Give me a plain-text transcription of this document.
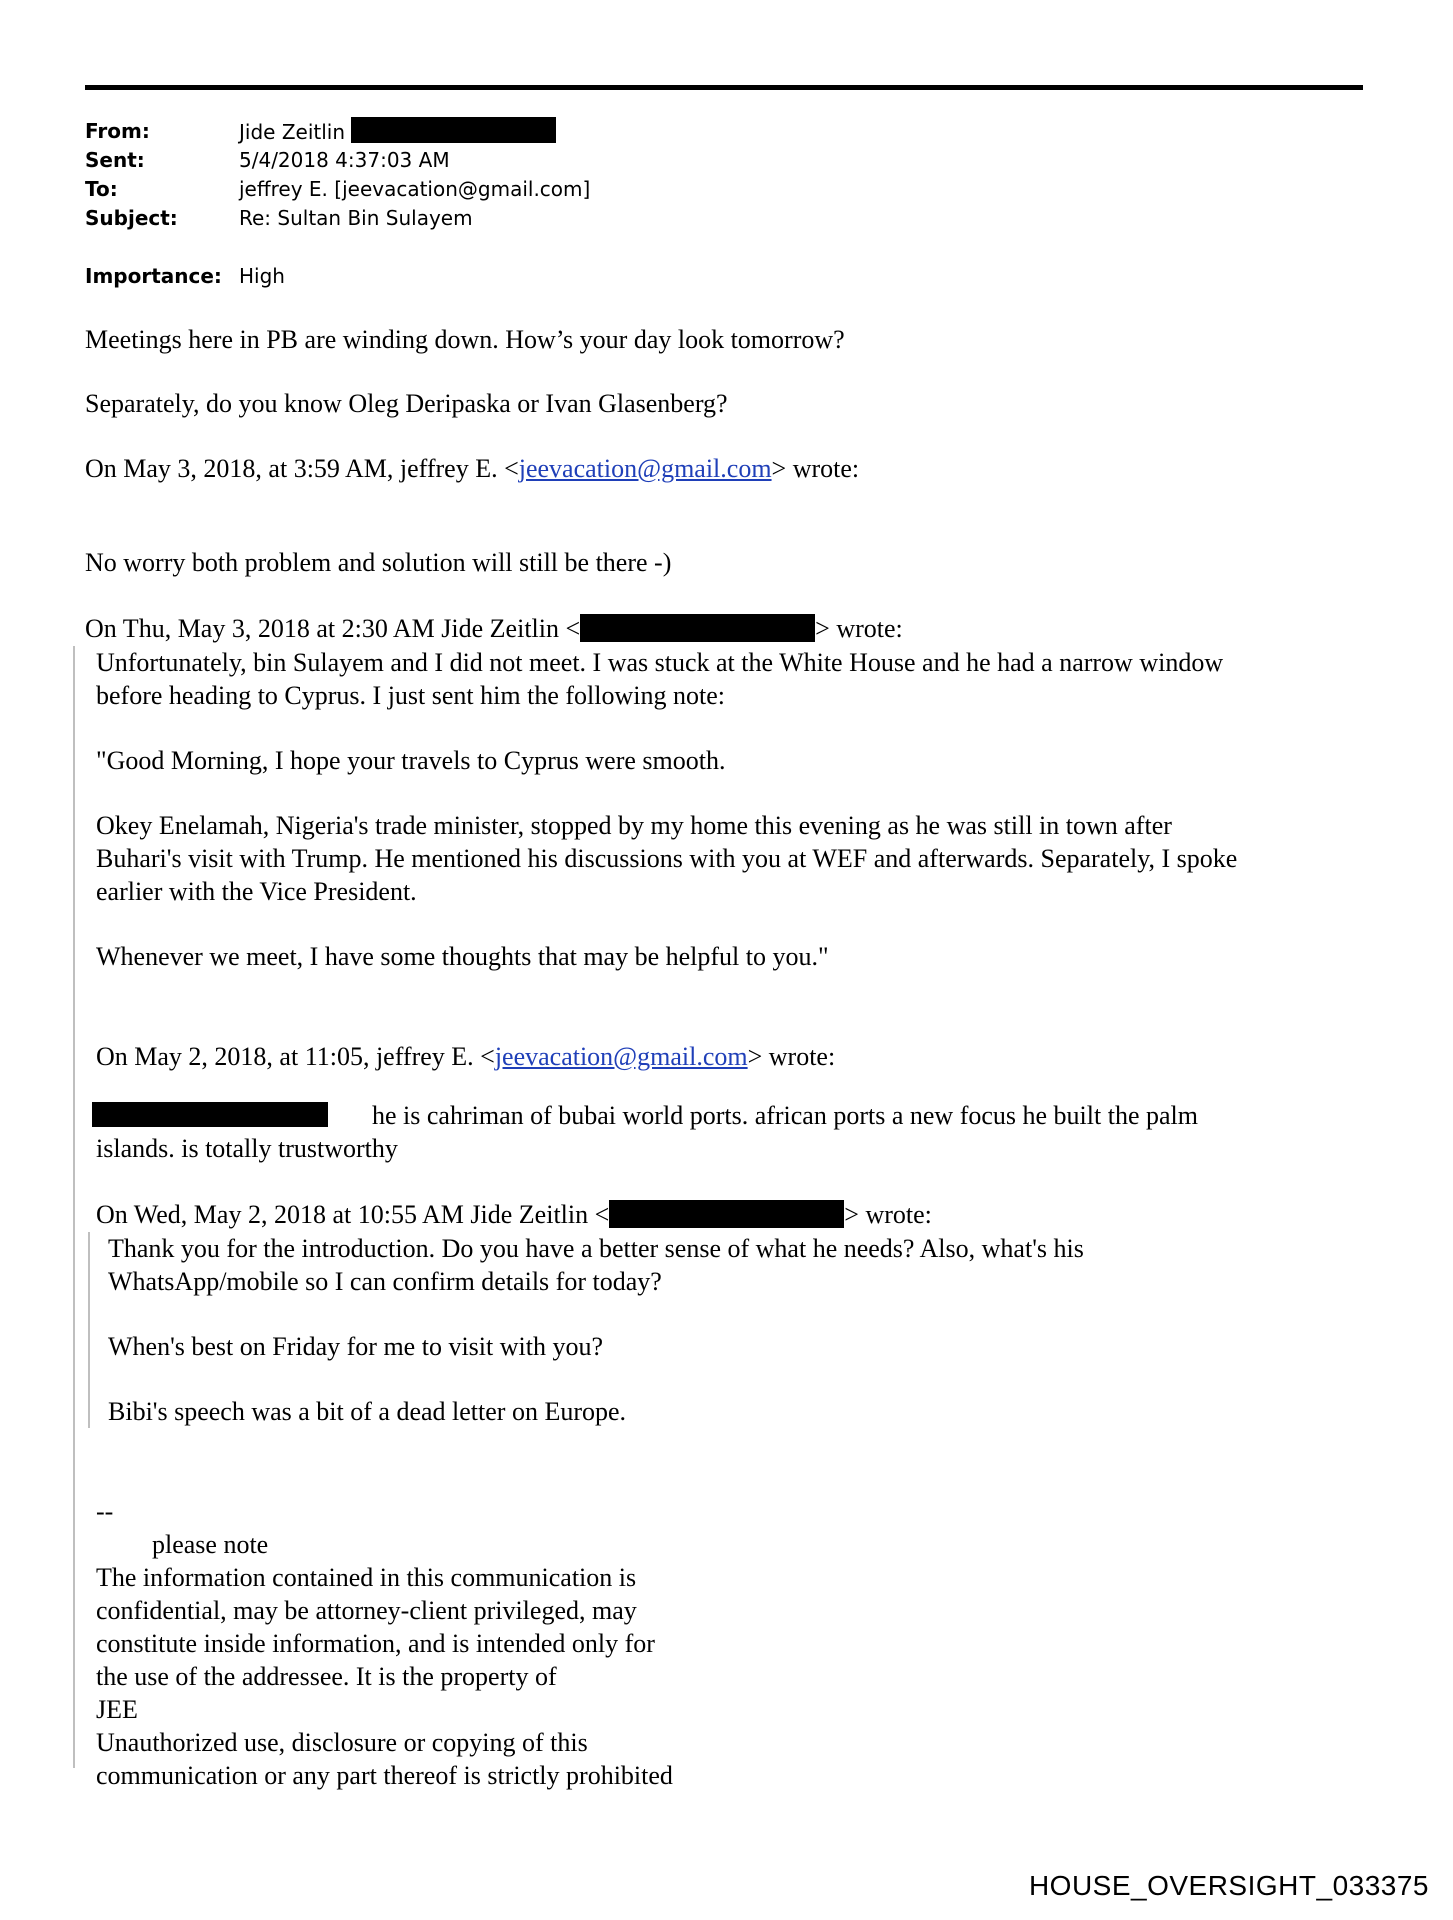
From:	Jide Zeitlin
Sent:	5/4/2018 4:37:03 AM
To:	jeffrey E. [jeevacation@gmail.com]
Subject:	Re: Sultan Bin Sulayem
Importance: High
Meetings here in PB are winding down. How’s your day look tomorrow?
Separately, do you know Oleg Deripaska or Ivan Glasenberg?
On May 3, 2018, at 3:59 AM, jeffrey E. <jeevacation@gmail.com> wrote:
No worry both problem and solution will still be there -)
On Thu, May 3, 2018 at 2:30 AM Jide Zeitlin <	> wrote:
Unfortunately, bin Sulayem and I did not meet. I was stuck at the White House and he had a narrow window
before heading to Cyprus. I just sent him the following note:
"Good Morning, I hope your travels to Cyprus were smooth.
Okey Enelamah, Nigeria's trade minister, stopped by my home this evening as he was still in town after
Buhari's visit with Trump. He mentioned his discussions with you at WEF and afterwards. Separately, I spoke
earlier with the Vice President.
Whenever we meet, I have some thoughts that may be helpful to you."
On May 2, 2018, at 11:05, jeffrey E. <jeevacation@gmail.com> wrote:
he is cahriman of bubai world ports. african ports a new focus he built the palm
islands. is totally trustworthy
On Wed, May 2, 2018 at 10:55 AM Jide Zeitlin <	> wrote:
Thank you for the introduction. Do you have a better sense of what he needs? Also, what's his
WhatsApp/mobile so I can confirm details for today?
When's best on Friday for me to visit with you?
Bibi's speech was a bit of a dead letter on Europe.
--
please note
The information contained in this communication is
confidential, may be attorney-client privileged, may
constitute inside information, and is intended only for
the use of the addressee. It is the property of
JEE
Unauthorized use, disclosure or copying of this
communication or any part thereof is strictly prohibited
HOUSE_OVERSIGHT_033375
